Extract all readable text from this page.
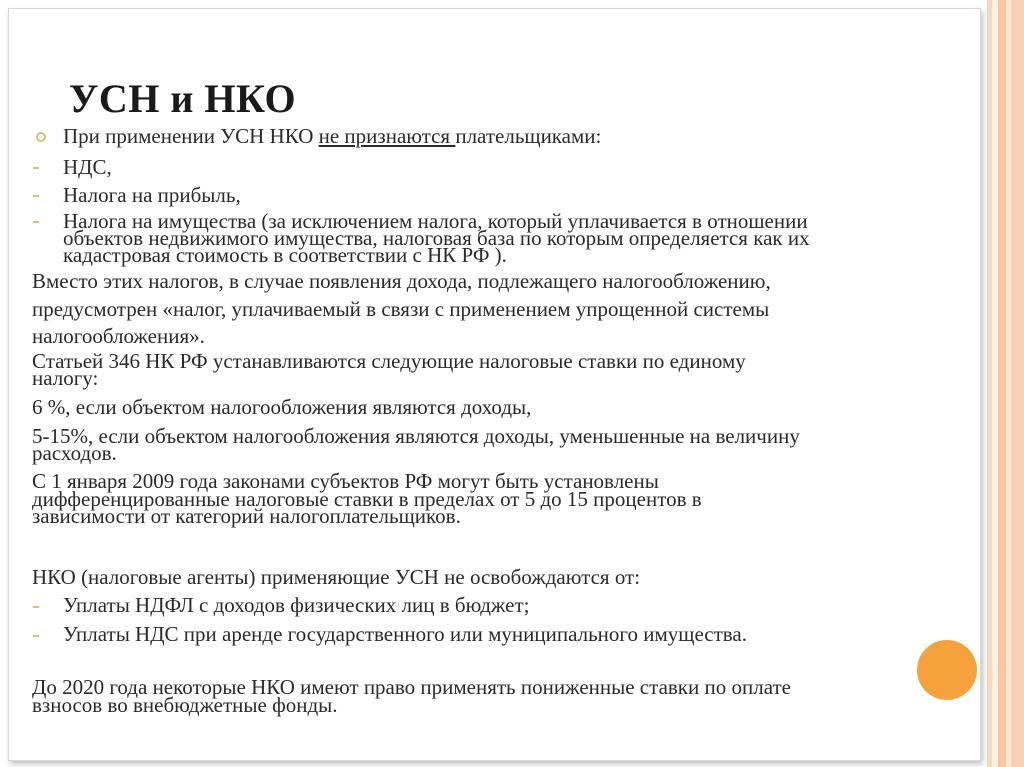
УСН и НКО
При применении УСН НКО не признаются плательщиками:
НДС,
Налога на прибыль,
Налога на имущества (за исключением налога, который уплачивается в отношении
объектов недвижимого имущества, налоговая база по которым определяется как их
кадастровая стоимость в соответствии с НК РФ ).
Вместо этих налогов, в случае появления дохода, подлежащего налогообложению,
предусмотрен «налог, уплачиваемый в связи с применением упрощенной системы
налогообложения».
Статьей 346 НК РФ устанавливаются следующие налоговые ставки по единому
налогу:
6 %, если объектом налогообложения являются доходы,
5-15%, если объектом налогообложения являются доходы, уменьшенные на величину
расходов.
С 1 января 2009 года законами субъектов РФ могут быть установлены
дифференцированные налоговые ставки в пределах от 5 до 15 процентов в
зависимости от категорий налогоплательщиков.
НКО (налоговые агенты) применяющие УСН не освобождаются от:
Уплаты НДФЛ с доходов физических лиц в бюджет;
Уплаты НДС при аренде государственного или муниципального имущества.
До 2020 года некоторые НКО имеют право применять пониженные ставки по оплате
взносов во внебюджетные фонды.
